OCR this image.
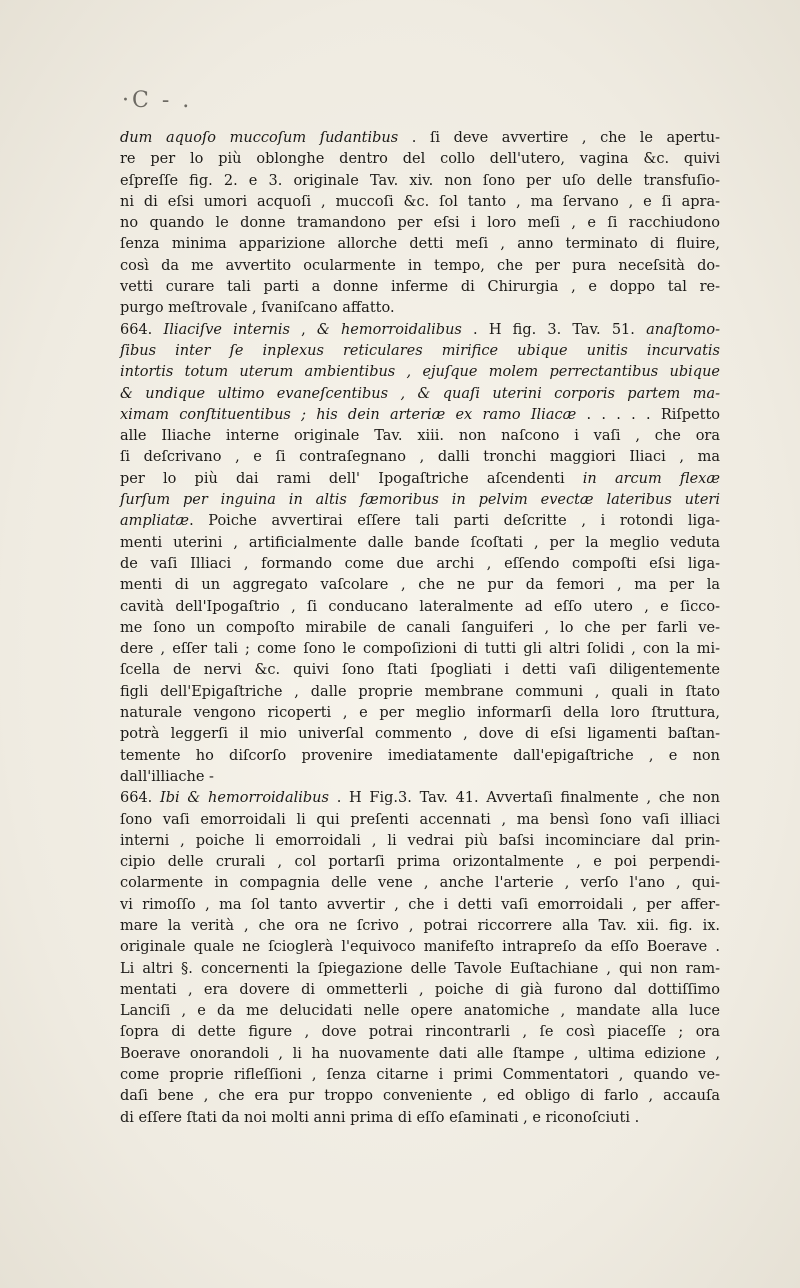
·C - .
dum aquoſo muccoſum ſudantibus . ſi deve avvertire , che le apertu-
re per lo più oblonghe dentro del collo dell'utero, vagina &c. quivi
eſpreſſe fig. 2. e 3. originale Tav. xiv. non ſono per uſo delle transfuſio-
ni di eſsi umori acquoſi , muccoſi &c. ſol tanto , ma ſervano , e ſi apra-
no quando le donne tramandono per eſsi i loro meſi , e ſi racchiudono
ſenza minima apparizione allorche detti meſi , anno terminato di fluire,
così da me avvertito ocularmente in tempo, che per pura neceſsità do-
vetti curare tali parti a donne inferme di Chirurgia , e doppo tal re-
purgo meſtrovale , ſvaniſcano affatto.
664. Iliaciſve internis , & hemorroidalibus . H fig. 3. Tav. 51. anaſtomo-
ſibus inter ſe inplexus reticulares mirifice ubique unitis incurvatis
intortis totum uterum ambientibus , ejuſque molem perrectantibus ubique
& undique ultimo evaneſcentibus , & quaſi uterini corporis partem ma-
ximam conſtituentibus ; his dein arteriæ ex ramo Iliacæ . . . . . Riſpetto
alle Iliache interne originale Tav. xiii. non naſcono i vaſi , che ora
ſi deſcrivano , e ſi contraſegnano , dalli tronchi maggiori Iliaci , ma
per lo più dai rami dell' Ipogaſtriche aſcendenti in arcum flexæ
ſurſum per inguina in altis fæmoribus in pelvim evectæ lateribus uteri
ampliatæ. Poiche avvertirai eſſere tali parti deſcritte , i rotondi liga-
menti uterini , artificialmente dalle bande ſcoſtati , per la meglio veduta
de vaſi Illiaci , formando come due archi , eſſendo compoſti eſsi liga-
menti di un aggregato vaſcolare , che ne pur da femori , ma per la
cavità dell'Ipogaſtrio , ſi conducano lateralmente ad eſſo utero , e ſicco-
me ſono un compoſto mirabile de canali ſanguiferi , lo che per farli ve-
dere , eſſer tali ; come ſono le compoſizioni di tutti gli altri ſolidi , con la mi-
ſcella de nervi &c. quivi ſono ſtati ſpogliati i detti vaſi diligentemente
figli dell'Epigaſtriche , dalle proprie membrane communi , quali in ſtato
naturale vengono ricoperti , e per meglio informarſi della loro ſtruttura,
potrà leggerſi il mio univerſal commento , dove di eſsi ligamenti baſtan-
temente ho diſcorſo provenire imediatamente dall'epigaſtriche , e non
dall'illiache -
664. Ibi & hemorroidalibus . H Fig.3. Tav. 41. Avvertaſi finalmente , che non
ſono vaſi emorroidali li qui preſenti accennati , ma bensì ſono vaſi illiaci
interni , poiche li emorroidali , li vedrai più baſsi incominciare dal prin-
cipio delle crurali , col portarſi prima orizontalmente , e poi perpendi-
colarmente in compagnia delle vene , anche l'arterie , verſo l'ano , qui-
vi rimoſſo , ma ſol tanto avvertir , che i detti vaſi emorroidali , per affer-
mare la verità , che ora ne ſcrivo , potrai riccorrere alla Tav. xii. fig. ix.
originale quale ne ſcioglerà l'equivoco manifeſto intrapreſo da eſſo Boerave .
Li altri §. concernenti la ſpiegazione delle Tavole Euſtachiane , qui non ram-
mentati , era dovere di ommetterli , poiche di già furono dal dottiſſimo
Lanciſi , e da me delucidati nelle opere anatomiche , mandate alla luce
ſopra di dette figure , dove potrai rincontrarli , ſe così piaceſſe ; ora
Boerave onorandoli , li ha nuovamente dati alle ſtampe , ultima edizione ,
come proprie rifleſſioni , ſenza citarne i primi Commentatori , quando ve-
daſi bene , che era pur troppo conveniente , ed obligo di farlo , accauſa
di eſſere ſtati da noi molti anni prima di eſſo eſaminati , e riconoſciuti .
